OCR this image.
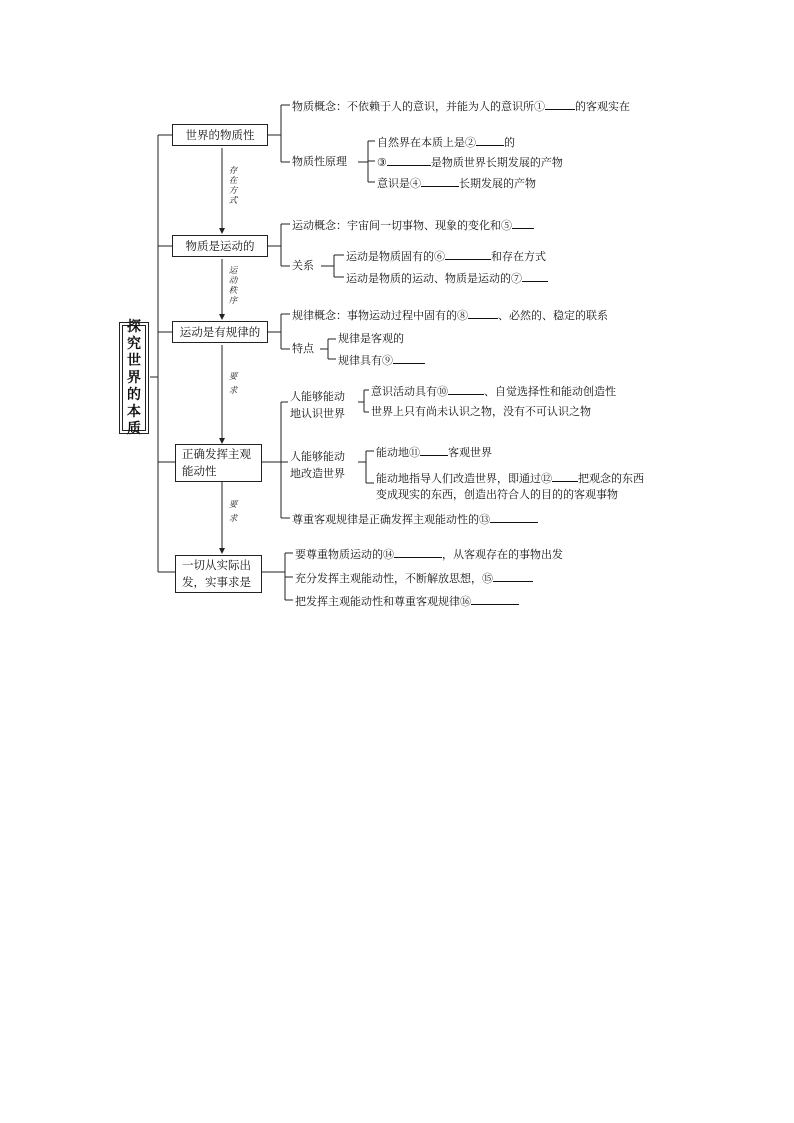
探
究
世
界
的
本
质
世界的物质性
物质是运动的
运动是有规律的
正确发挥主观
能动性
一切从实际出
发，实事求是
存
在
方
式
运
动
秩
序
要
求
要
求
物质概念：不依赖于人的意识，并能为人的意识所①	的客观实在
物质性原理
自然界在本质上是②	的
③	是物质世界长期发展的产物
意识是④	长期发展的产物
运动概念：宇宙间一切事物、现象的变化和⑤
关系
运动是物质固有的⑥	和存在方式
运动是物质的运动、物质是运动的⑦
规律概念：事物运动过程中固有的⑧	、必然的、稳定的联系
特点
规律是客观的
规律具有⑨
人能够能动
地认识世界
意识活动具有⑩	、自觉选择性和能动创造性
世界上只有尚未认识之物，没有不可认识之物
人能够能动
地改造世界
能动地⑪	客观世界
能动地指导人们改造世界，即通过⑫ 把观念的东西
变成现实的东西，创造出符合人的目的的客观事物
尊重客观规律是正确发挥主观能动性的⑬
要尊重物质运动的⑭	，从客观存在的事物出发
充分发挥主观能动性，不断解放思想，⑮
把发挥主观能动性和尊重客观规律⑯
